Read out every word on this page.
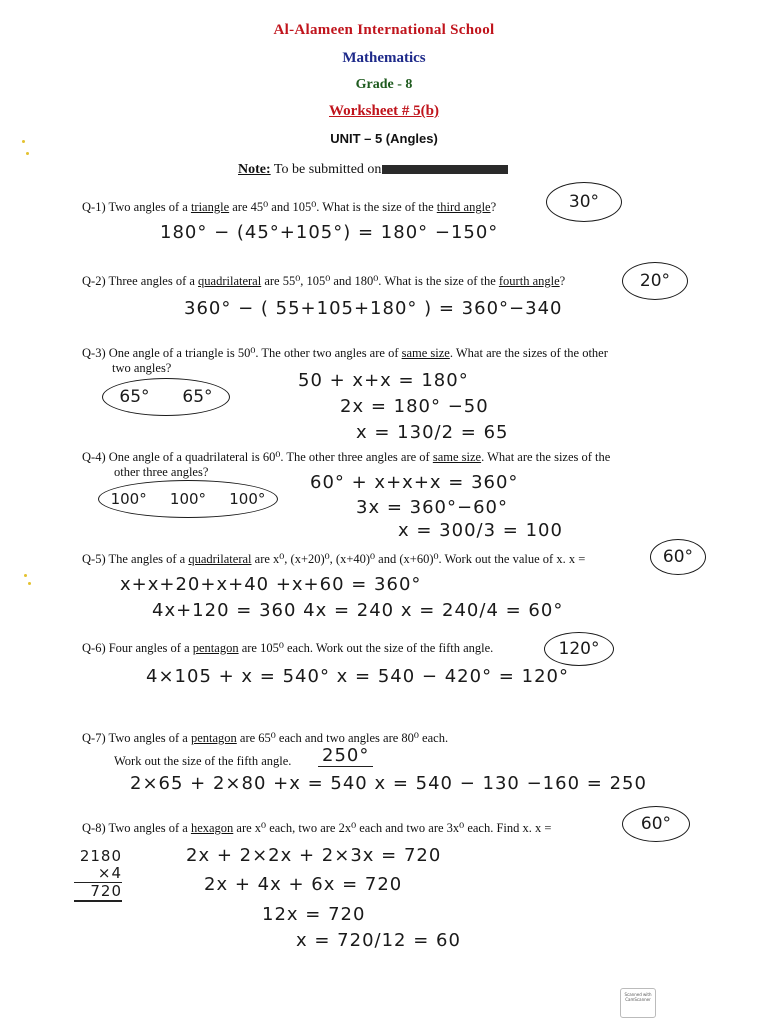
Al-Alameen International School
Mathematics
Grade - 8
Worksheet # 5(b)
UNIT – 5 (Angles)
Note: To be submitted on
Q-1) Two angles of a triangle are 45⁰ and 105⁰. What is the size of the third angle?	30°
180° − (45°+105°) = 180° −150°
Q-2) Three angles of a quadrilateral are 55⁰, 105⁰ and 180⁰. What is the size of the fourth angle?	20°
360° − ( 55+105+180° ) = 360°−340
Q-3) One angle of a triangle is 50⁰. The other two angles are of same size. What are the sizes of the other
two angles?
65° 65°
50 + x+x = 180°
2x = 180° −50
x = 130/2 = 65
Q-4) One angle of a quadrilateral is 60⁰. The other three angles are of same size. What are the sizes of the
other three angles?
100° 100° 100°
60° + x+x+x = 360°
3x = 360°−60°
x = 300/3 = 100
Q-5) The angles of a quadrilateral are x⁰, (x+20)⁰, (x+40)⁰ and (x+60)⁰. Work out the value of x. x =	60°
x+x+20+x+40 +x+60 = 360°
4x+120 = 360 4x = 240 x = 240/4 = 60°
Q-6) Four angles of a pentagon are 105⁰ each. Work out the size of the fifth angle.	120°
4×105 + x = 540° x = 540 − 420° = 120°
Q-7) Two angles of a pentagon are 65⁰ each and two angles are 80⁰ each.
Work out the size of the fifth angle. 250°
2×65 + 2×80 +x = 540 x = 540 − 130 −160 = 250
Q-8) Two angles of a hexagon are x⁰ each, two are 2x⁰ each and two are 3x⁰ each. Find x. x =	60°
2180
×4
720
2x + 2×2x + 2×3x = 720
2x + 4x + 6x = 720
12x = 720
x = 720/12 = 60
Scanned with
CamScanner
